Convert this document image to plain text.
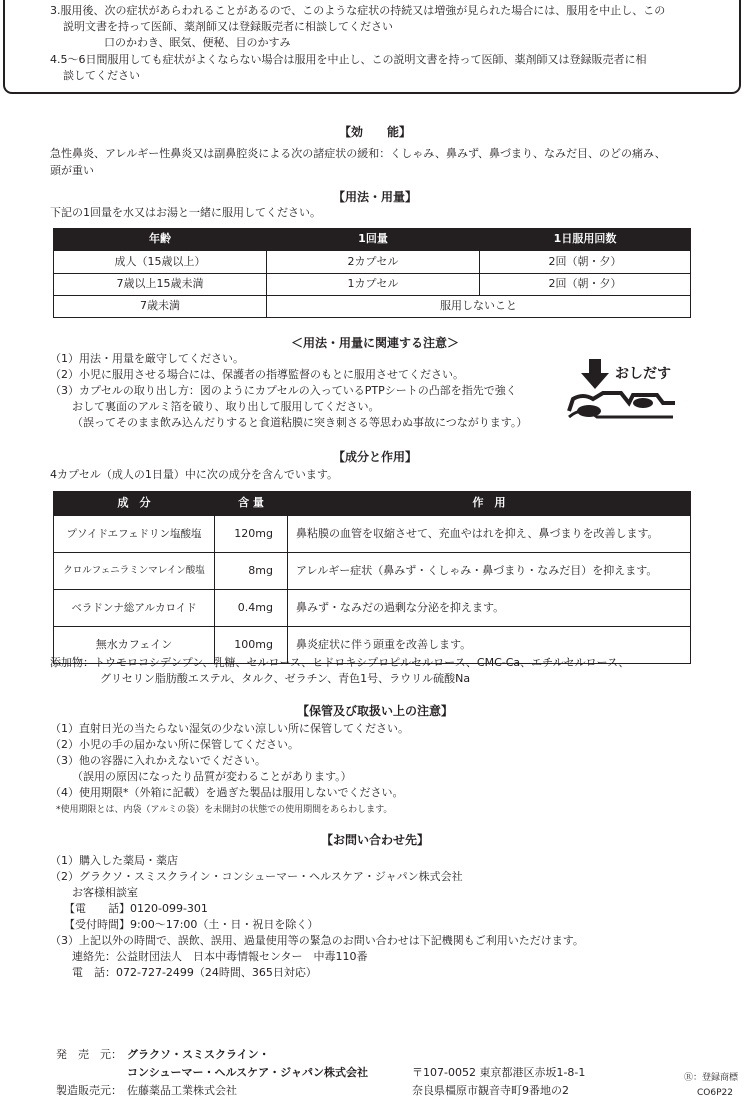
3.服用後、次の症状があらわれることがあるので、このような症状の持続又は増強が見られた場合には、服用を中止し、この
説明文書を持って医師、薬剤師又は登録販売者に相談してください
口のかわき、眠気、便秘、目のかすみ
4.5～6日間服用しても症状がよくならない場合は服用を中止し、この説明文書を持って医師、薬剤師又は登録販売者に相
談してください
【効　　能】
急性鼻炎、アレルギー性鼻炎又は副鼻腔炎による次の諸症状の緩和：くしゃみ、鼻みず、鼻づまり、なみだ目、のどの痛み、
頭が重い
【用法・用量】
下記の1回量を水又はお湯と一緒に服用してください。
年齢	1回量	1日服用回数
成人（15歳以上）	2カプセル	2回（朝・夕）
7歳以上15歳未満	1カプセル	2回（朝・夕）
7歳未満	服用しないこと	
＜用法・用量に関連する注意＞
（1）用法・用量を厳守してください。
（2）小児に服用させる場合には、保護者の指導監督のもとに服用させてください。
（3）カプセルの取り出し方：図のようにカプセルの入っているPTPシートの凸部を指先で強く
おして裏面のアルミ箔を破り、取り出して服用してください。
（誤ってそのまま飲み込んだりすると食道粘膜に突き刺さる等思わぬ事故につながります。）
おしだす
【成分と作用】
4カプセル（成人の1日量）中に次の成分を含んでいます。
成　分	含 量	作　用
プソイドエフェドリン塩酸塩	120mg	鼻粘膜の血管を収縮させて、充血やはれを抑え、鼻づまりを改善します。
クロルフェニラミンマレイン酸塩	8mg	アレルギー症状（鼻みず・くしゃみ・鼻づまり・なみだ目）を抑えます。
ベラドンナ総アルカロイド	0.4mg	鼻みず・なみだの過剰な分泌を抑えます。
無水カフェイン	100mg	鼻炎症状に伴う頭重を改善します。
添加物：トウモロコシデンプン、乳糖、セルロース、ヒドロキシプロピルセルロース、CMC-Ca、エチルセルロース、
グリセリン脂肪酸エステル、タルク、ゼラチン、青色1号、ラウリル硫酸Na
【保管及び取扱い上の注意】
（1）直射日光の当たらない湿気の少ない涼しい所に保管してください。
（2）小児の手の届かない所に保管してください。
（3）他の容器に入れかえないでください。
（誤用の原因になったり品質が変わることがあります。）
（4）使用期限*（外箱に記載）を過ぎた製品は服用しないでください。
*使用期限とは、内袋（アルミの袋）を未開封の状態での使用期間をあらわします。
【お問い合わせ先】
（1）購入した薬局・薬店
（2）グラクソ・スミスクライン・コンシューマー・ヘルスケア・ジャパン株式会社
お客様相談室
【電　　話】0120-099-301
【受付時間】9:00～17:00（土・日・祝日を除く）
（3）上記以外の時間で、誤飲、誤用、過量使用等の緊急のお問い合わせは下記機関もご利用いただけます。
連絡先：公益財団法人　日本中毒情報センター　中毒110番
電　話：072-727-2499（24時間、365日対応）
発　売　元： グラクソ・スミスクライン・
コンシューマー・ヘルスケア・ジャパン株式会社	〒107-0052 東京都港区赤坂1-8-1
製造販売元： 佐藤薬品工業株式会社	奈良県橿原市観音寺町9番地の2
Ⓡ：登録商標
CO6P22
